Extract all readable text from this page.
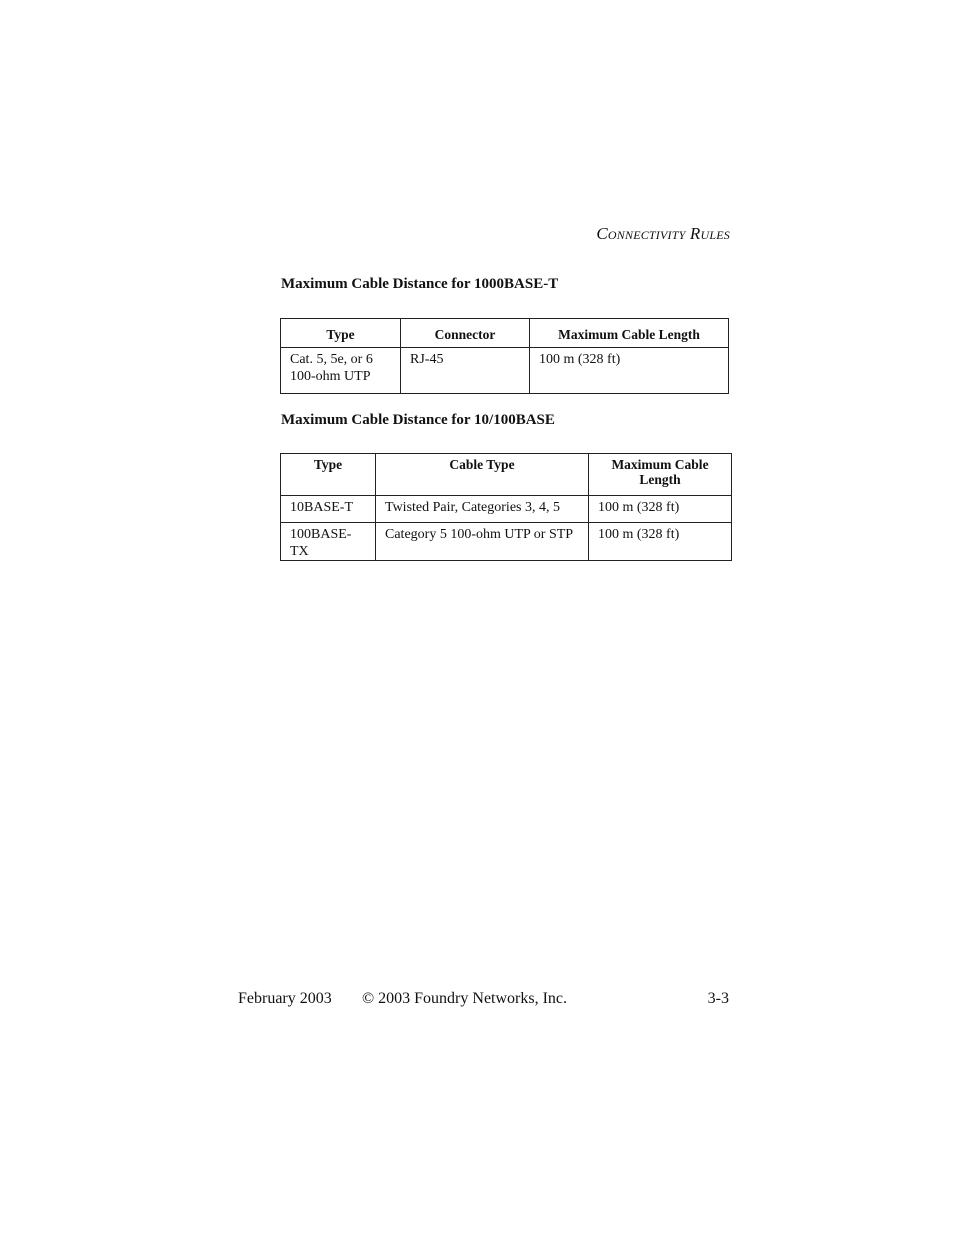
Connectivity Rules
Maximum Cable Distance for 1000BASE-T
Type	Connector	Maximum Cable Length
Cat. 5, 5e, or 6
100-ohm UTP	RJ-45	100 m (328 ft)
Maximum Cable Distance for 10/100BASE
Type	Cable Type	Maximum Cable
Length
10BASE-T	Twisted Pair, Categories 3, 4, 5	100 m (328 ft)
100BASE-TX	Category 5 100-ohm UTP or STP	100 m (328 ft)
February 2003 © 2003 Foundry Networks, Inc.	3-3
